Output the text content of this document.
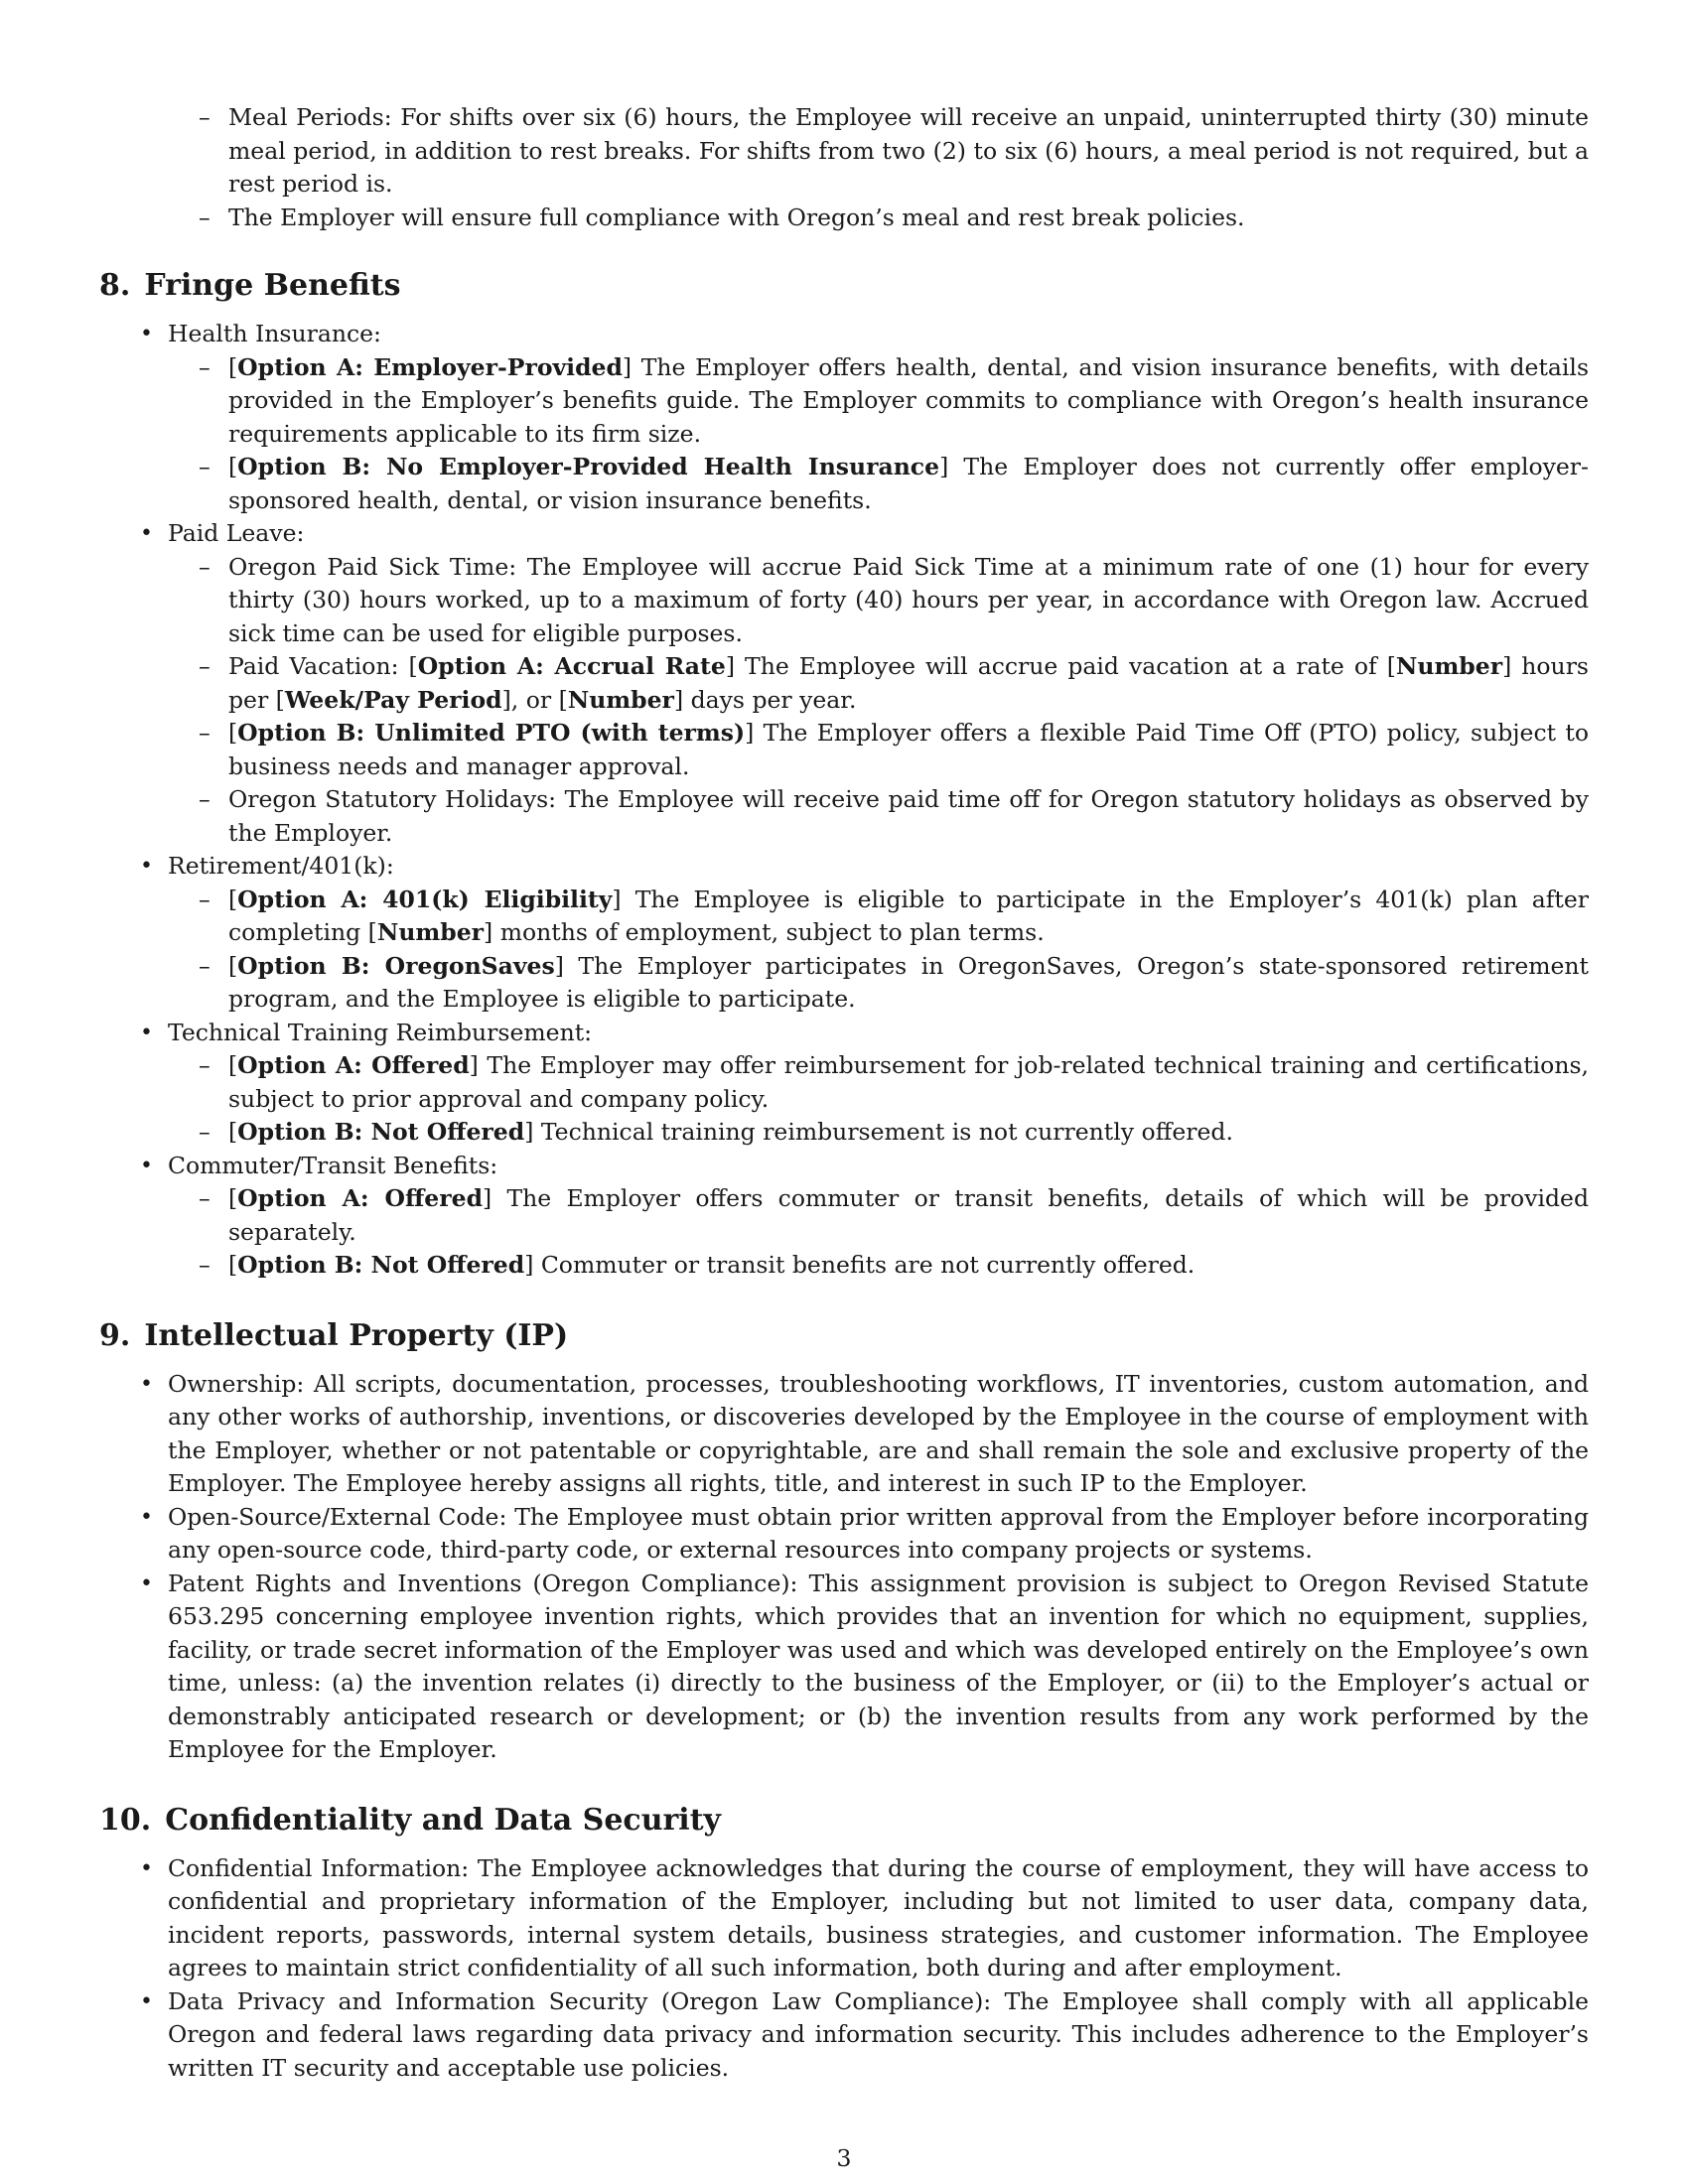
– Meal Periods: For shifts over six (6) hours, the Employee will receive an unpaid, uninterrupted thirty (30) minute meal period, in addition to rest breaks. For shifts from two (2) to six (6) hours, a meal period is not required, but a rest period is.
– The Employer will ensure full compliance with Oregon’s meal and rest break policies.
8. Fringe Benefits
• Health Insurance:
– [Option A: Employer-Provided] The Employer offers health, dental, and vision insurance benefits, with details provided in the Employer’s benefits guide. The Employer commits to compliance with Oregon’s health insurance requirements applicable to its firm size.
– [Option B: No Employer-Provided Health Insurance] The Employer does not currently offer employer-sponsored health, dental, or vision insurance benefits.
• Paid Leave:
– Oregon Paid Sick Time: The Employee will accrue Paid Sick Time at a minimum rate of one (1) hour for every thirty (30) hours worked, up to a maximum of forty (40) hours per year, in accordance with Oregon law. Accrued sick time can be used for eligible purposes.
– Paid Vacation: [Option A: Accrual Rate] The Employee will accrue paid vacation at a rate of [Number] hours per [Week/Pay Period], or [Number] days per year.
– [Option B: Unlimited PTO (with terms)] The Employer offers a flexible Paid Time Off (PTO) policy, subject to business needs and manager approval.
– Oregon Statutory Holidays: The Employee will receive paid time off for Oregon statutory holidays as observed by the Employer.
• Retirement/401(k):
– [Option A: 401(k) Eligibility] The Employee is eligible to participate in the Employer’s 401(k) plan after completing [Number] months of employment, subject to plan terms.
– [Option B: OregonSaves] The Employer participates in OregonSaves, Oregon’s state-sponsored retirement program, and the Employee is eligible to participate.
• Technical Training Reimbursement:
– [Option A: Offered] The Employer may offer reimbursement for job-related technical training and certifications, subject to prior approval and company policy.
– [Option B: Not Offered] Technical training reimbursement is not currently offered.
• Commuter/Transit Benefits:
– [Option A: Offered] The Employer offers commuter or transit benefits, details of which will be provided separately.
– [Option B: Not Offered] Commuter or transit benefits are not currently offered.
9. Intellectual Property (IP)
• Ownership: All scripts, documentation, processes, troubleshooting workflows, IT inventories, custom automation, and any other works of authorship, inventions, or discoveries developed by the Employee in the course of employment with the Employer, whether or not patentable or copyrightable, are and shall remain the sole and exclusive property of the Employer. The Employee hereby assigns all rights, title, and interest in such IP to the Employer.
• Open-Source/External Code: The Employee must obtain prior written approval from the Employer before incorporating any open-source code, third-party code, or external resources into company projects or systems.
• Patent Rights and Inventions (Oregon Compliance): This assignment provision is subject to Oregon Revised Statute 653.295 concerning employee invention rights, which provides that an invention for which no equipment, supplies, facility, or trade secret information of the Employer was used and which was developed entirely on the Employee’s own time, unless: (a) the invention relates (i) directly to the business of the Employer, or (ii) to the Employer’s actual or demonstrably anticipated research or development; or (b) the invention results from any work performed by the Employee for the Employer.
10. Confidentiality and Data Security
• Confidential Information: The Employee acknowledges that during the course of employment, they will have access to confidential and proprietary information of the Employer, including but not limited to user data, company data, incident reports, passwords, internal system details, business strategies, and customer information. The Employee agrees to maintain strict confidentiality of all such information, both during and after employment.
• Data Privacy and Information Security (Oregon Law Compliance): The Employee shall comply with all applicable Oregon and federal laws regarding data privacy and information security. This includes adherence to the Employer’s written IT security and acceptable use policies.
3
